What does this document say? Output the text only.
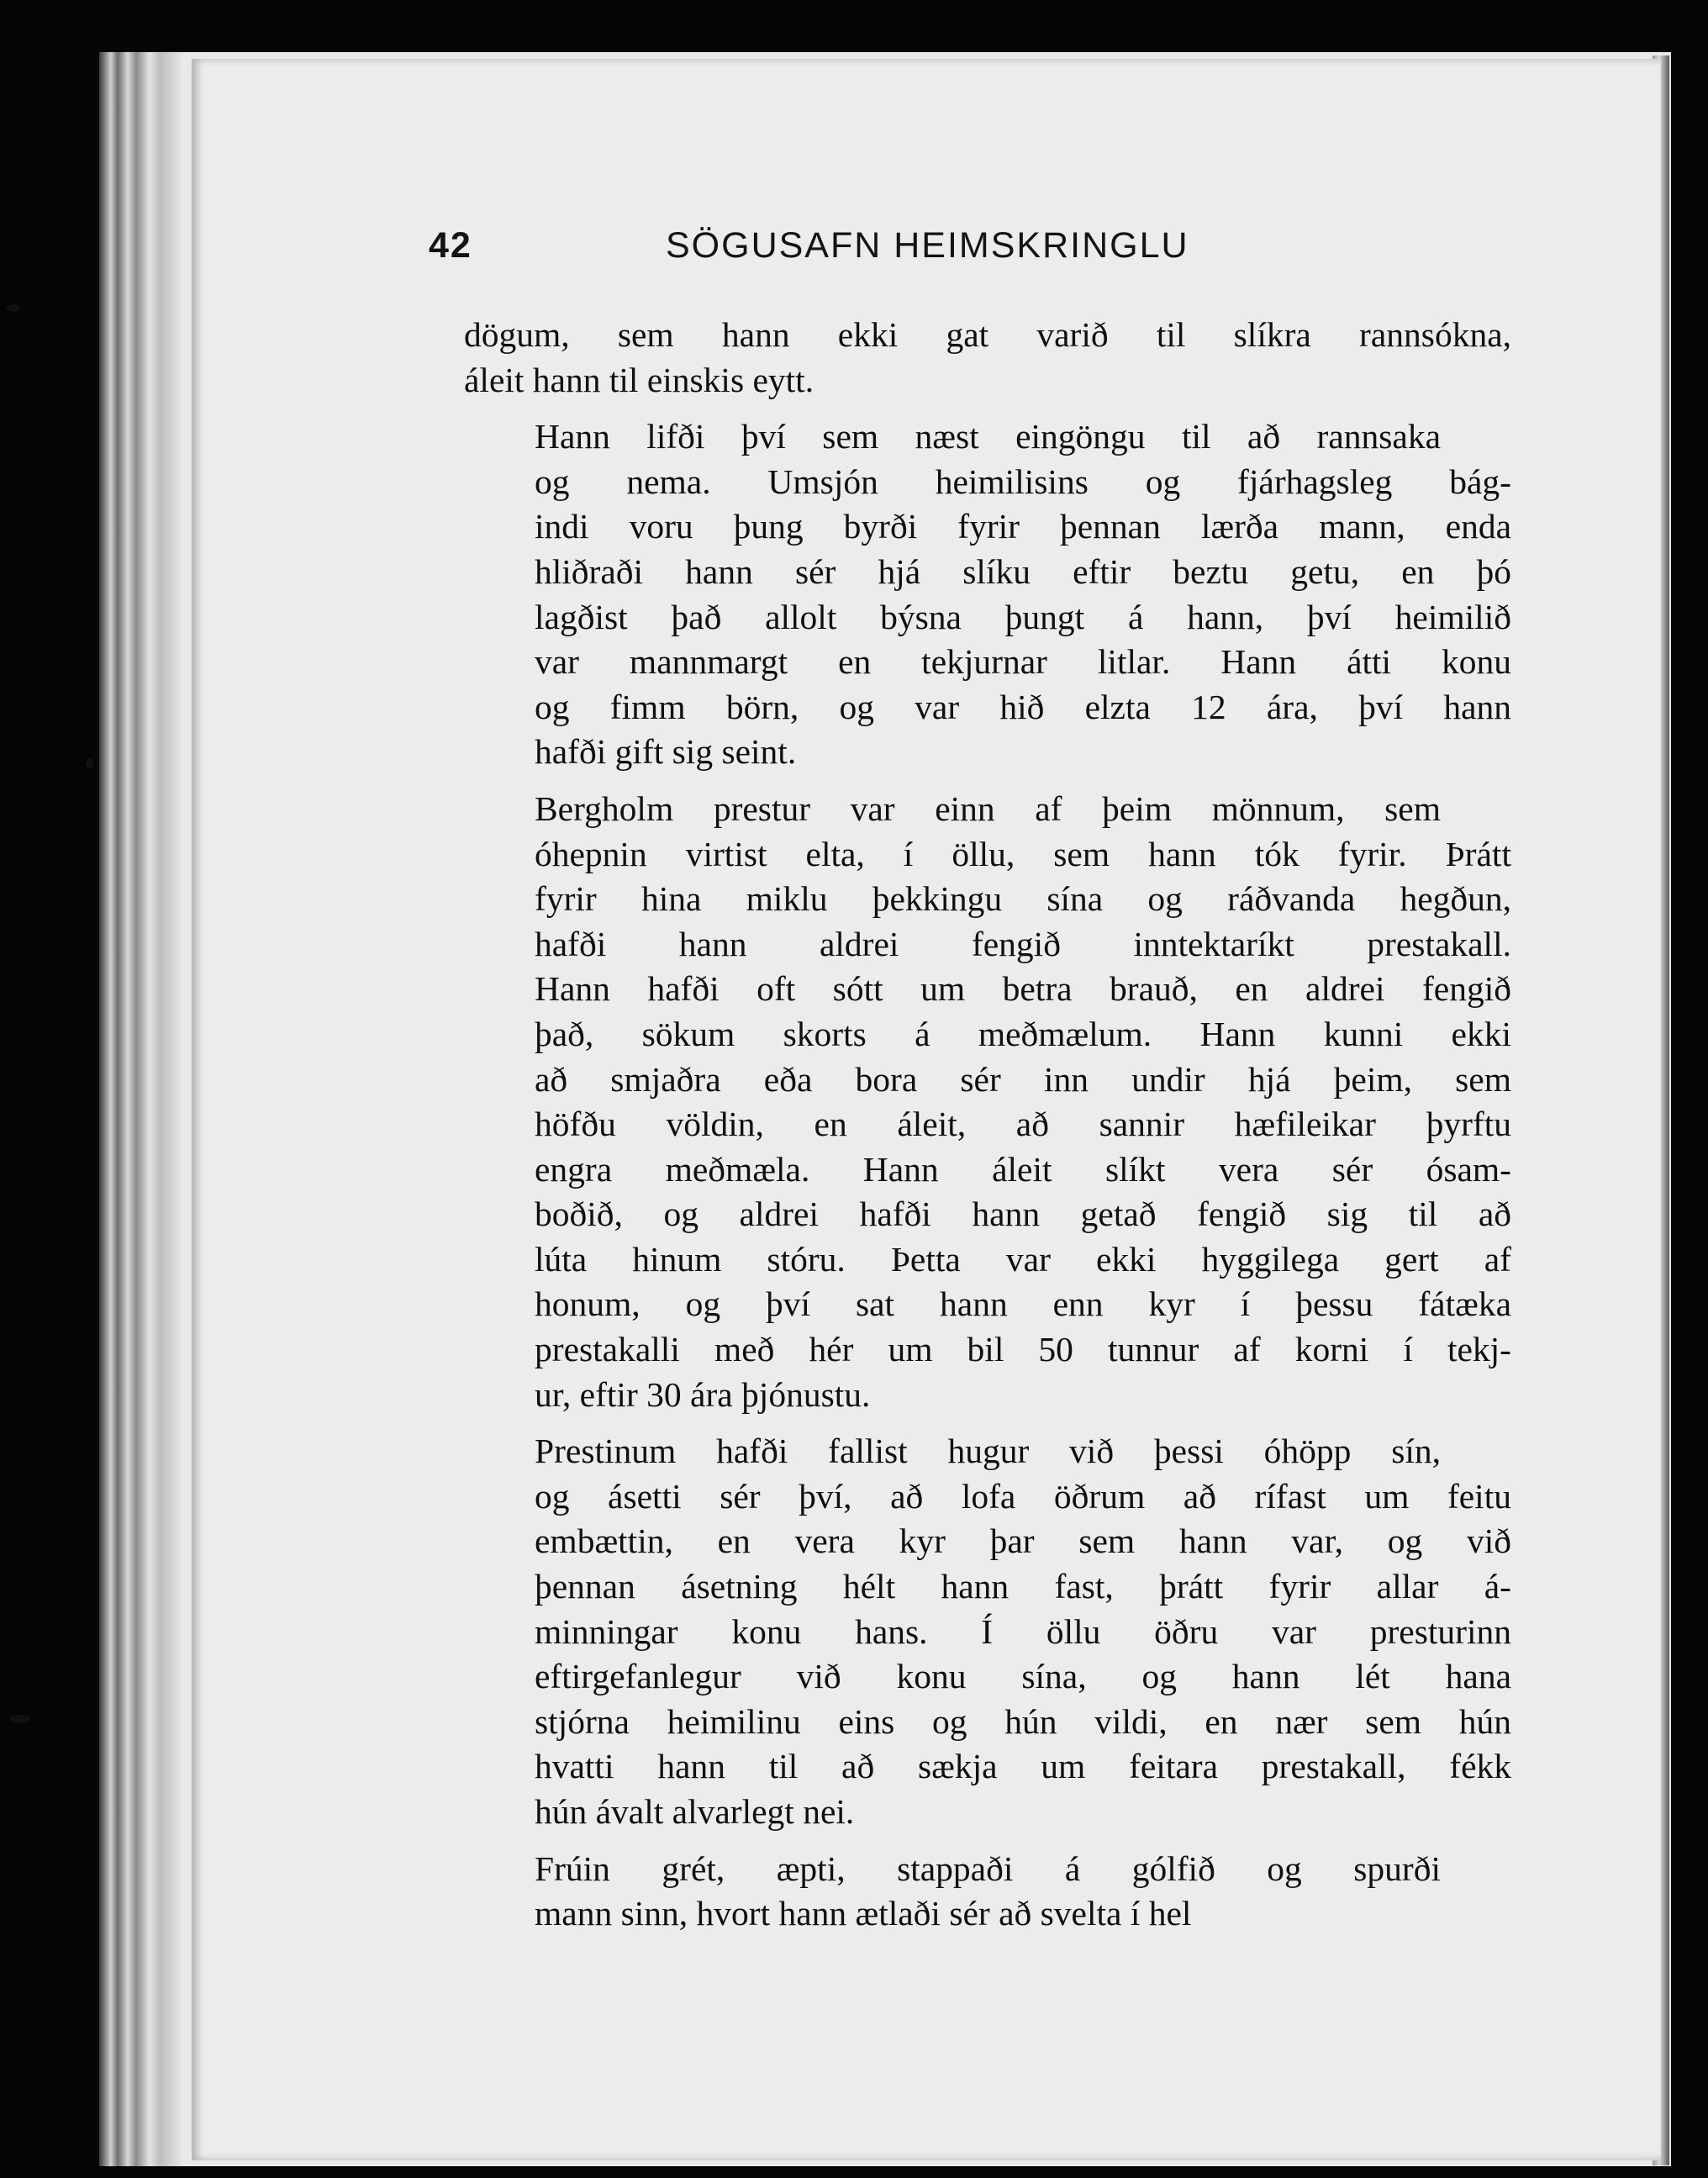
42	SÖGUSAFN HEIMSKRINGLU
dögum, sem hann ekki gat varið til slíkra rannsókna,
áleit hann til einskis eytt.
Hann lifði því sem næst eingöngu til að rannsaka
og nema. Umsjón heimilisins og fjárhagsleg bág-
indi voru þung byrði fyrir þennan lærða mann, enda
hliðraði hann sér hjá slíku eftir beztu getu, en þó
lagðist það allolt býsna þungt á hann, því heimilið
var mannmargt en tekjurnar litlar. Hann átti konu
og fimm börn, og var hið elzta 12 ára, því hann
hafði gift sig seint.
Bergholm prestur var einn af þeim mönnum, sem
óhepnin virtist elta, í öllu, sem hann tók fyrir. Þrátt
fyrir hina miklu þekkingu sína og ráðvanda hegðun,
hafði hann aldrei fengið inntektaríkt prestakall.
Hann hafði oft sótt um betra brauð, en aldrei fengið
það, sökum skorts á meðmælum. Hann kunni ekki
að smjaðra eða bora sér inn undir hjá þeim, sem
höfðu völdin, en áleit, að sannir hæfileikar þyrftu
engra meðmæla. Hann áleit slíkt vera sér ósam-
boðið, og aldrei hafði hann getað fengið sig til að
lúta hinum stóru. Þetta var ekki hyggilega gert af
honum, og því sat hann enn kyr í þessu fátæka
prestakalli með hér um bil 50 tunnur af korni í tekj-
ur, eftir 30 ára þjónustu.
Prestinum hafði fallist hugur við þessi óhöpp sín,
og ásetti sér því, að lofa öðrum að rífast um feitu
embættin, en vera kyr þar sem hann var, og við
þennan ásetning hélt hann fast, þrátt fyrir allar á-
minningar konu hans. Í öllu öðru var presturinn
eftirgefanlegur við konu sína, og hann lét hana
stjórna heimilinu eins og hún vildi, en nær sem hún
hvatti hann til að sækja um feitara prestakall, fékk
hún ávalt alvarlegt nei.
Frúin grét, æpti, stappaði á gólfið og spurði
mann sinn, hvort hann ætlaði sér að svelta í hel
